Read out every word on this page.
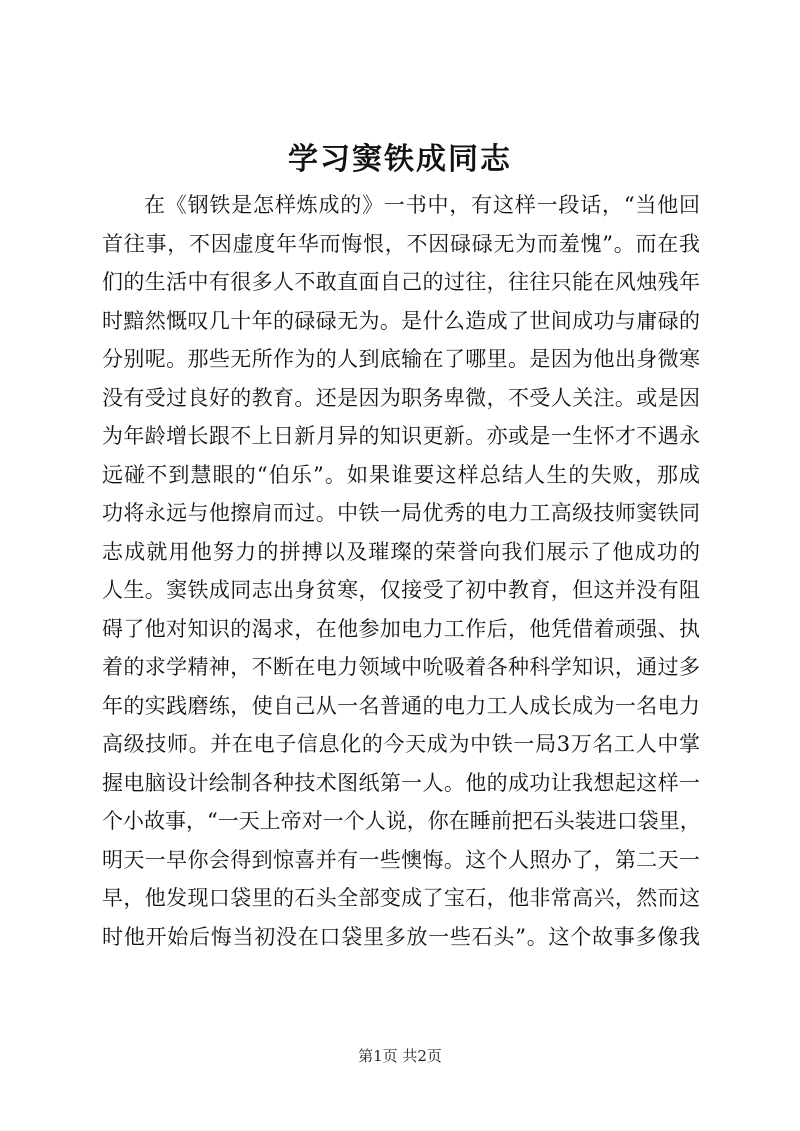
学习窦铁成同志
在《钢铁是怎样炼成的》一书中，有这样一段话，“当他回
首往事，不因虚度年华而悔恨，不因碌碌无为而羞愧”。而在我
们的生活中有很多人不敢直面自己的过往，往往只能在风烛残年
时黯然慨叹几十年的碌碌无为。是什么造成了世间成功与庸碌的
分别呢。那些无所作为的人到底输在了哪里。是因为他出身微寒
没有受过良好的教育。还是因为职务卑微，不受人关注。或是因
为年龄增长跟不上日新月异的知识更新。亦或是一生怀才不遇永
远碰不到慧眼的“伯乐”。如果谁要这样总结人生的失败，那成
功将永远与他擦肩而过。中铁一局优秀的电力工高级技师窦铁同
志成就用他努力的拼搏以及璀璨的荣誉向我们展示了他成功的
人生。窦铁成同志出身贫寒，仅接受了初中教育，但这并没有阻
碍了他对知识的渴求，在他参加电力工作后，他凭借着顽强、执
着的求学精神，不断在电力领域中吮吸着各种科学知识，通过多
年的实践磨练，使自己从一名普通的电力工人成长成为一名电力
高级技师。并在电子信息化的今天成为中铁一局3万名工人中掌
握电脑设计绘制各种技术图纸第一人。他的成功让我想起这样一
个小故事，“一天上帝对一个人说，你在睡前把石头装进口袋里，
明天一早你会得到惊喜并有一些懊悔。这个人照办了，第二天一
早，他发现口袋里的石头全部变成了宝石，他非常高兴，然而这
时他开始后悔当初没在口袋里多放一些石头”。这个故事多像我
第1页 共2页
